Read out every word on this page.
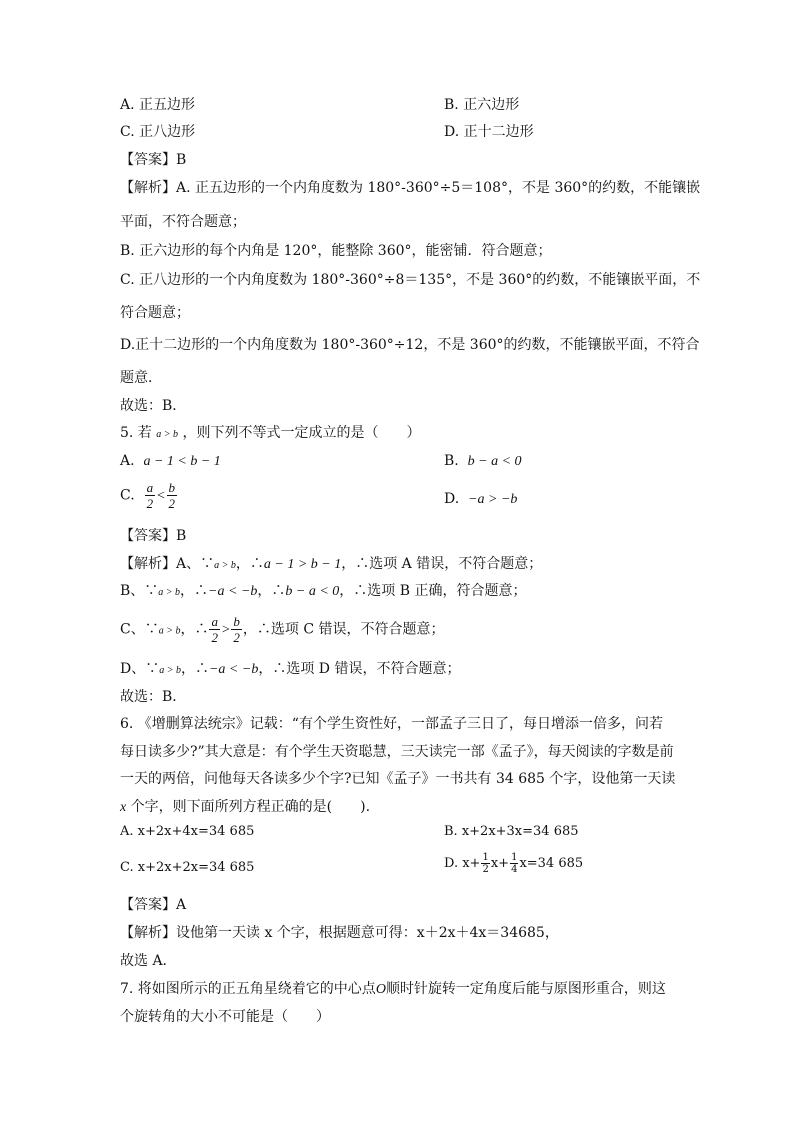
A. 正五边形	B. 正六边形
C. 正八边形	D. 正十二边形
【答案】B
【解析】A. 正五边形的一个内角度数为 180°-360°÷5＝108°，不是 360°的约数，不能镶嵌
平面，不符合题意；
B. 正六边形的每个内角是 120°，能整除 360°，能密铺．符合题意；
C. 正八边形的一个内角度数为 180°-360°÷8＝135°，不是 360°的约数，不能镶嵌平面，不
符合题意；
D.正十二边形的一个内角度数为 180°-360°÷12，不是 360°的约数，不能镶嵌平面，不符合
题意．
故选：B．
5. 若 a > b ，则下列不等式一定成立的是（　　）
A. a − 1 < b − 1	B. b − a < 0
C. $\frac{a}{2} < \frac{b}{2}$	D. −a > −b
【答案】B
【解析】A、∵a > b，∴a − 1 > b − 1，∴选项 A 错误，不符合题意；
B、∵a > b，∴−a < −b，∴b − a < 0，∴选项 B 正确，符合题意；
C、∵a > b，∴ $\frac{a}{2} > \frac{b}{2}$ ，∴选项 C 错误，不符合题意；
D、∵a > b，∴−a < −b，∴选项 D 错误，不符合题意；
故选：B．
6. 《增删算法统宗》记载：“有个学生资性好，一部孟子三日了，每日增添一倍多，问若
每日读多少?”其大意是：有个学生天资聪慧，三天读完一部《孟子》，每天阅读的字数是前
一天的两倍，问他每天各读多少个字?已知《孟子》一书共有 34 685 个字，设他第一天读
x 个字，则下面所列方程正确的是(　　).
A. x+2x+4x=34 685	B. x+2x+3x=34 685
C. x+2x+2x=34 685	D. $x+ \frac{1}{2} x+ \frac{1}{4} x=34$ 685
【答案】A
【解析】设他第一天读 x 个字，根据题意可得：x＋2x＋4x＝34685，
故选 A．
7. 将如图所示的正五角星绕着它的中心点O顺时针旋转一定角度后能与原图形重合，则这
个旋转角的大小不可能是（　　）
